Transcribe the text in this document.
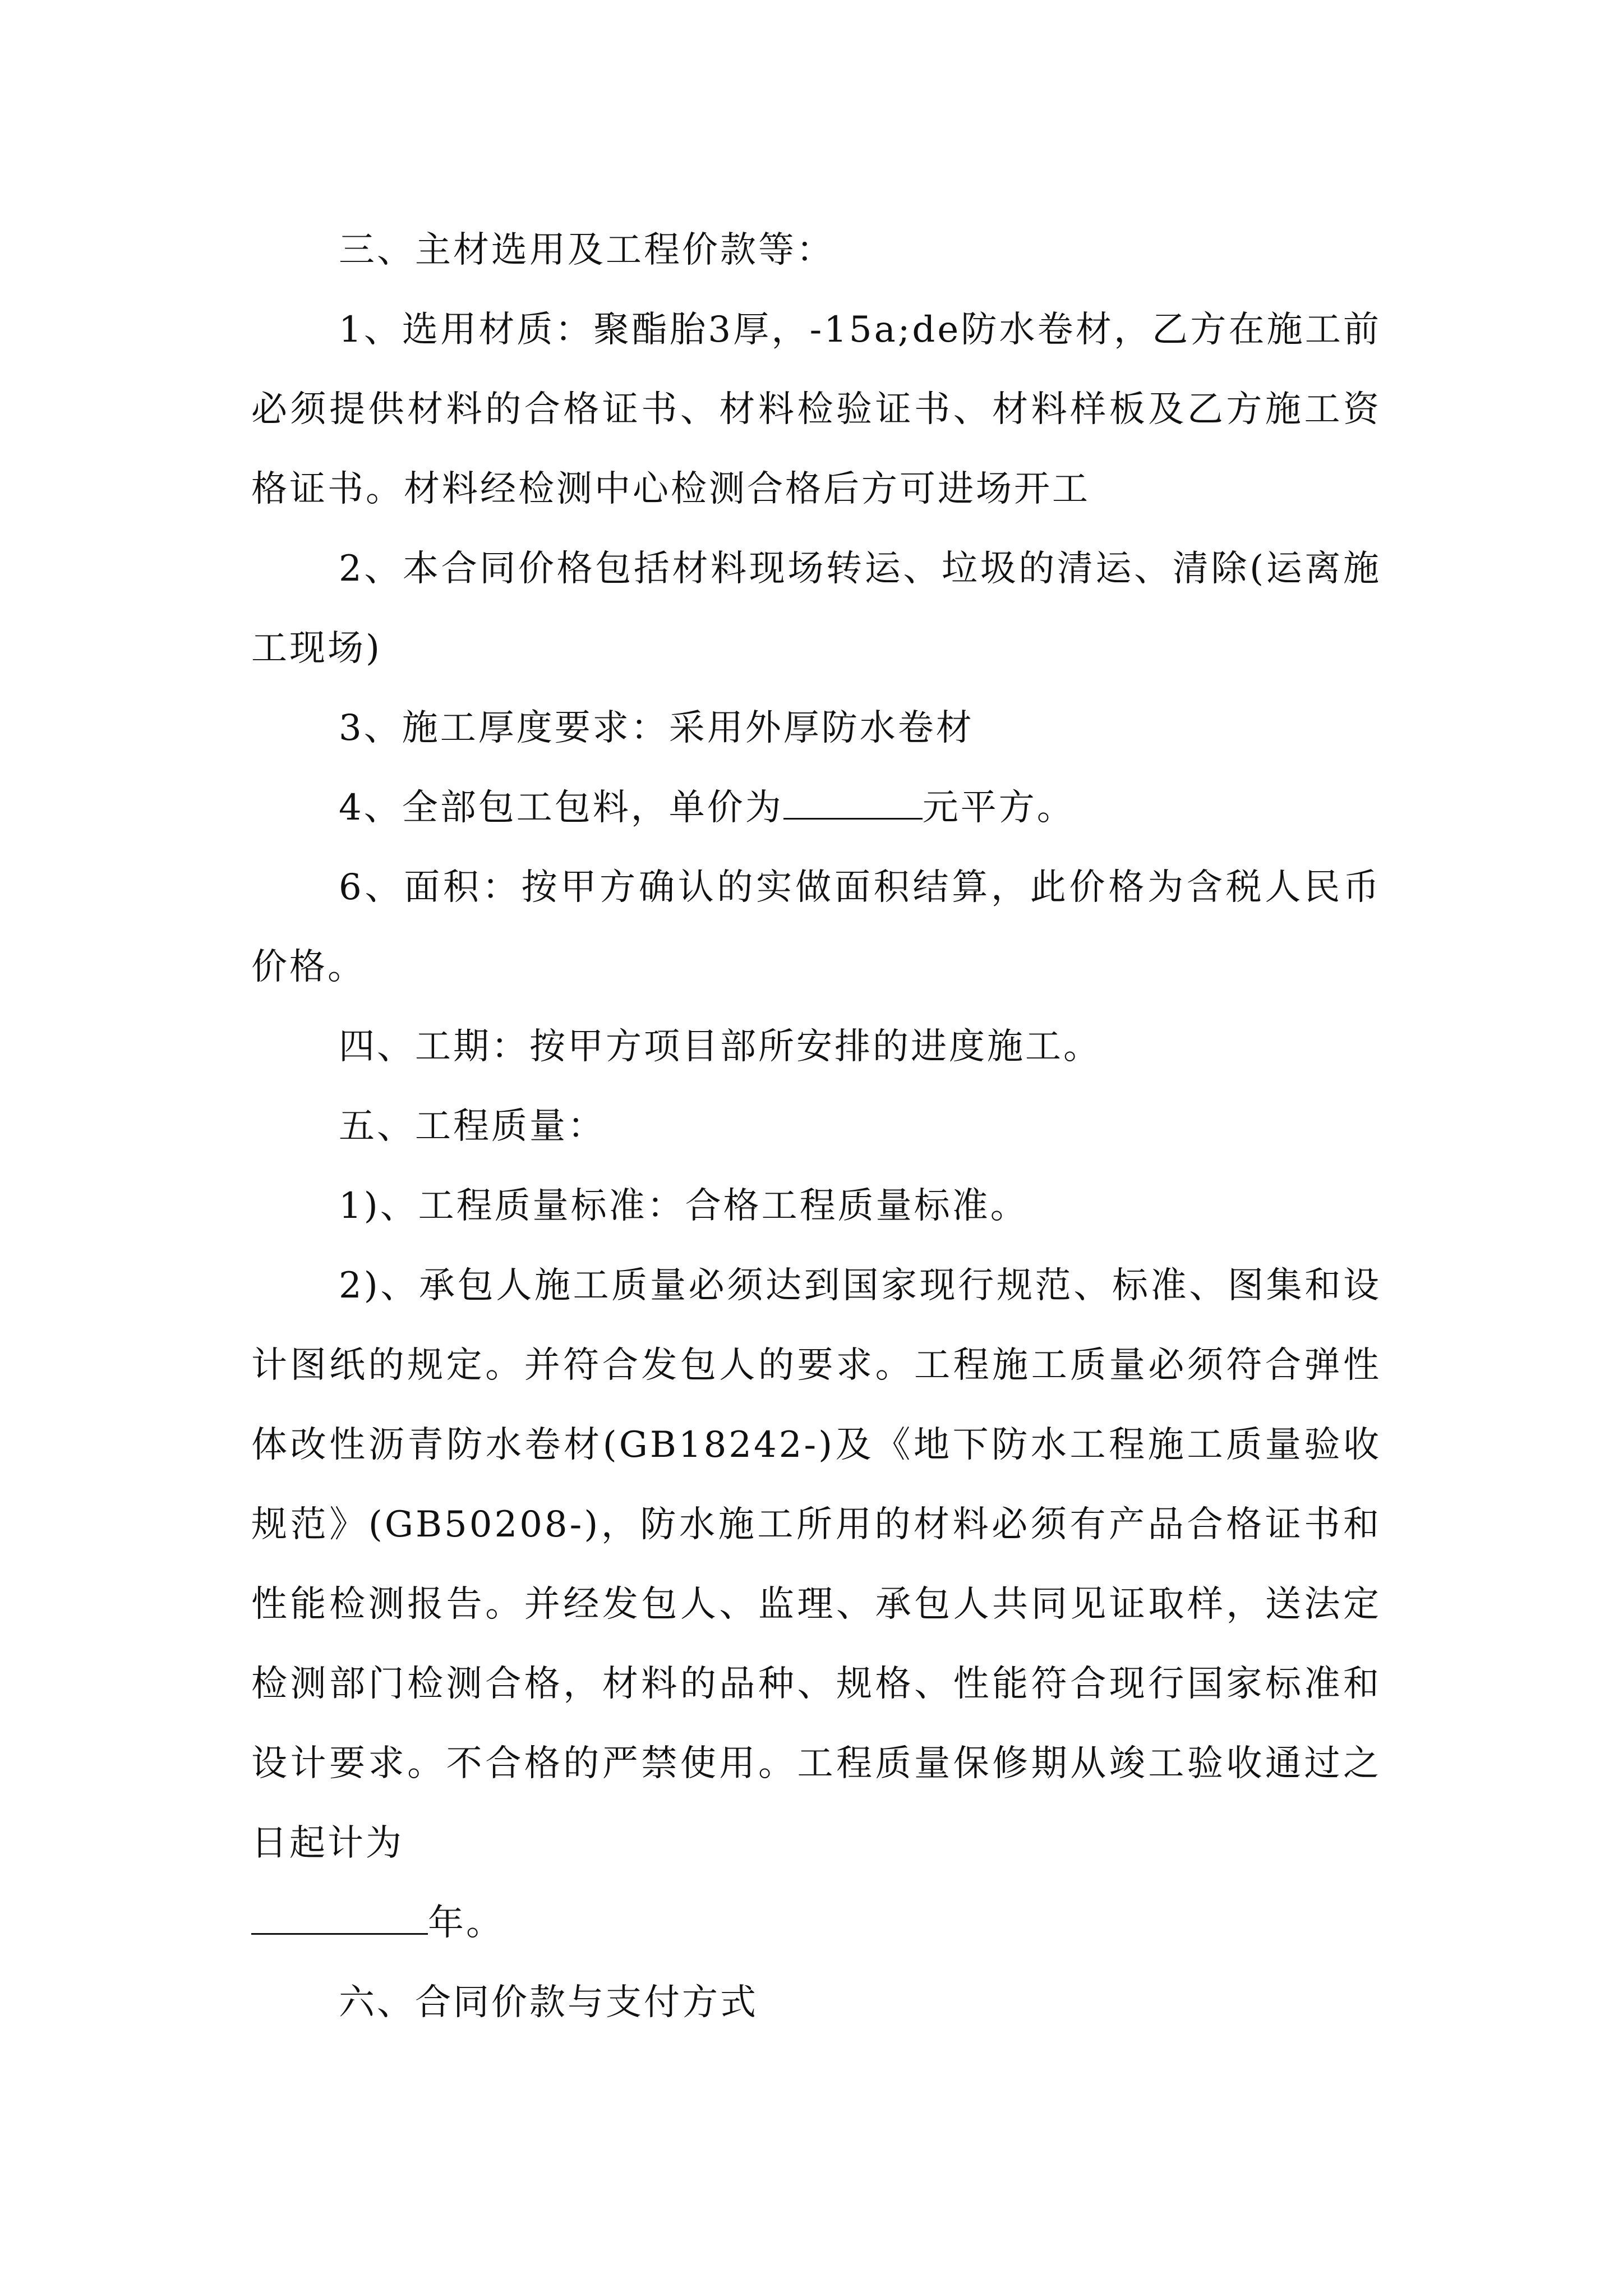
三、主材选用及工程价款等：

1、选用材质：聚酯胎3厚，-15a;de防水卷材，乙方在施工前必须提供材料的合格证书、材料检验证书、材料样板及乙方施工资格证书。材料经检测中心检测合格后方可进场开工

2、本合同价格包括材料现场转运、垃圾的清运、清除(运离施工现场)

3、施工厚度要求：采用外厚防水卷材

4、全部包工包料，单价为	元平方。

6、面积：按甲方确认的实做面积结算，此价格为含税人民币价格。

四、工期：按甲方项目部所安排的进度施工。

五、工程质量：

1)、工程质量标准：合格工程质量标准。

2)、承包人施工质量必须达到国家现行规范、标准、图集和设计图纸的规定。并符合发包人的要求。工程施工质量必须符合弹性体改性沥青防水卷材(GB18242-)及《地下防水工程施工质量验收规范》(GB50208-)，防水施工所用的材料必须有产品合格证书和性能检测报告。并经发包人、监理、承包人共同见证取样，送法定检测部门检测合格，材料的品种、规格、性能符合现行国家标准和设计要求。不合格的严禁使用。工程质量保修期从竣工验收通过之日起计为

年。

六、合同价款与支付方式
